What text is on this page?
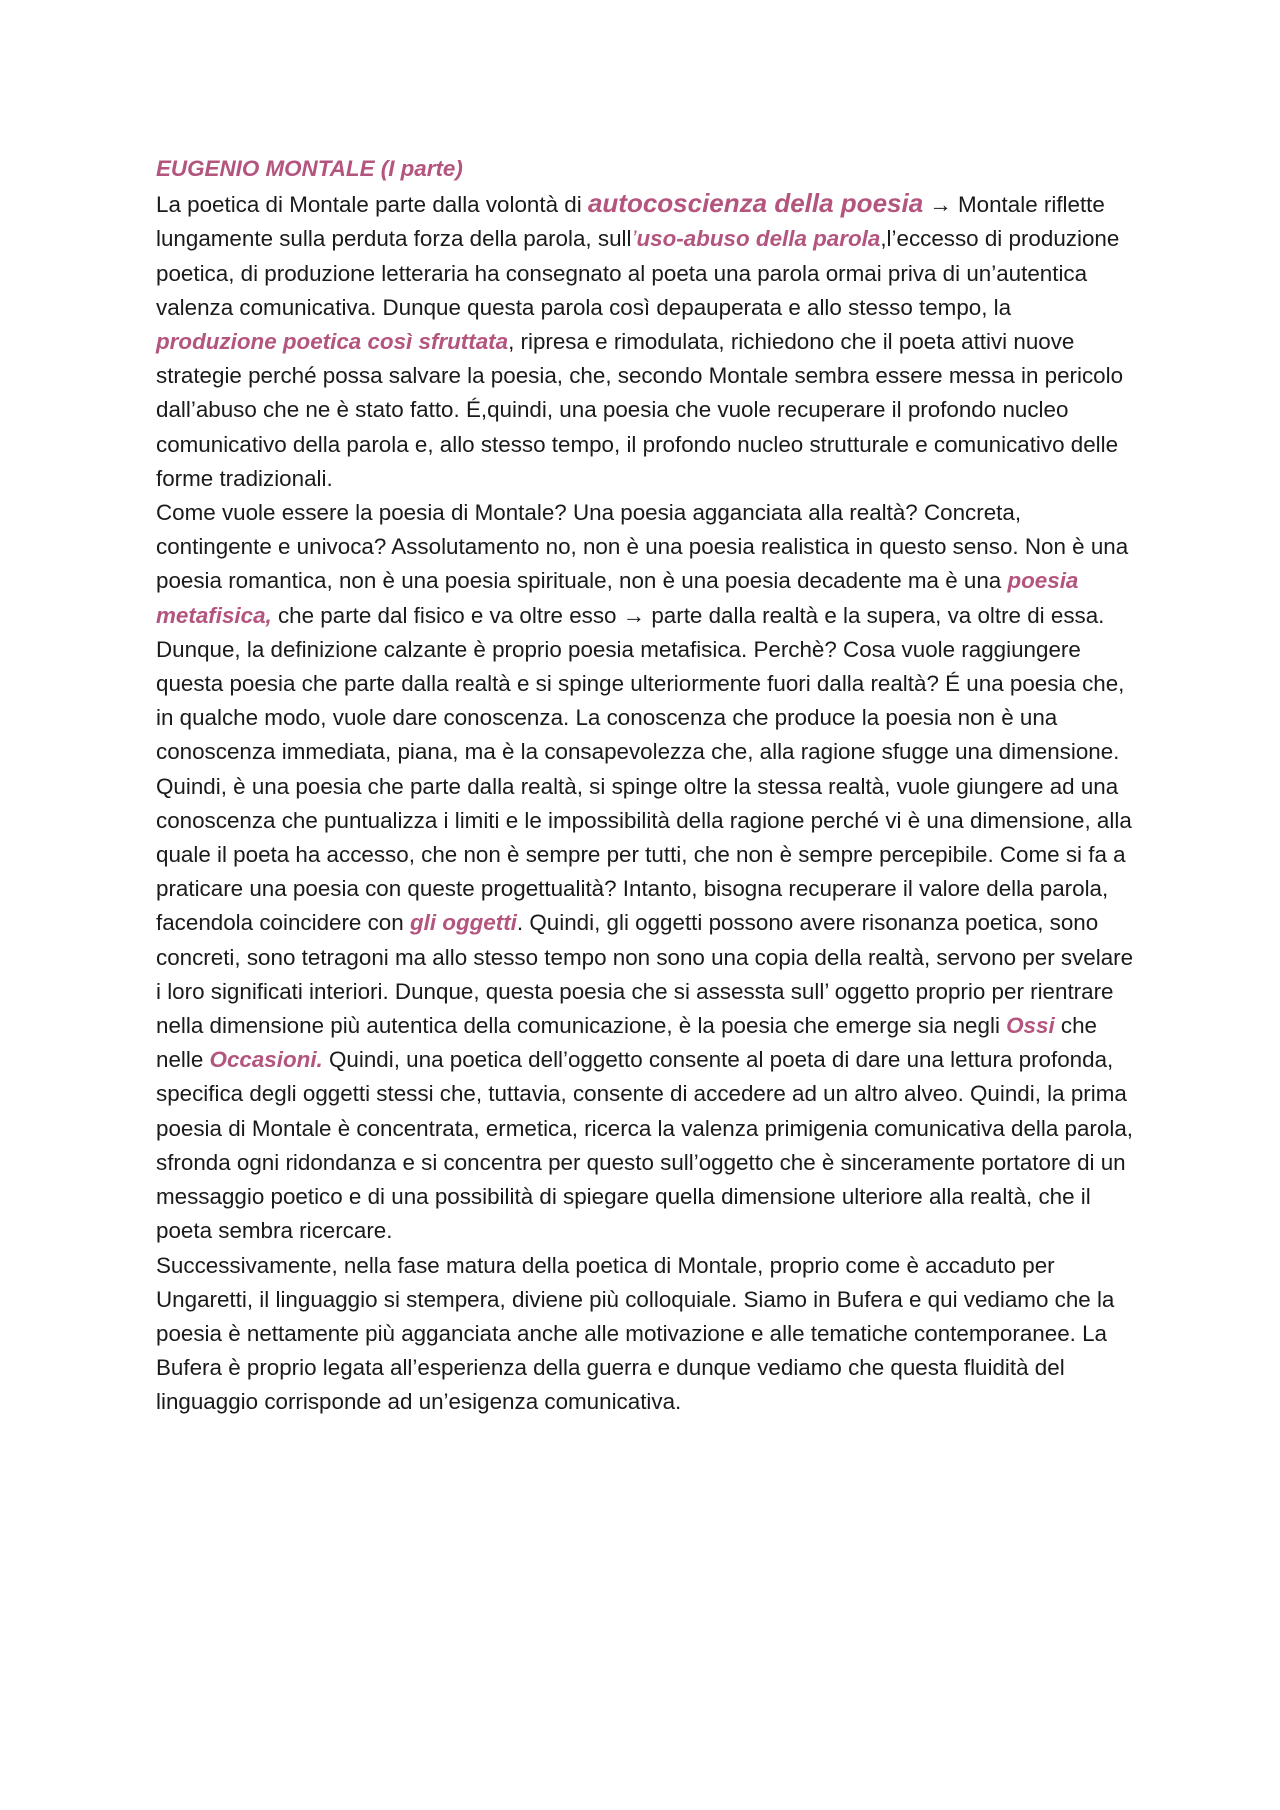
EUGENIO MONTALE (I parte)

La poetica di Montale parte dalla volontà di autocoscienza della poesia → Montale riflette lungamente sulla perduta forza della parola, sull’uso-abuso della parola,l’eccesso di produzione poetica, di produzione letteraria ha consegnato al poeta una parola ormai priva di un’autentica valenza comunicativa. Dunque questa parola così depauperata e allo stesso tempo, la produzione poetica così sfruttata, ripresa e rimodulata, richiedono che il poeta attivi nuove strategie perché possa salvare la poesia, che, secondo Montale sembra essere messa in pericolo dall’abuso che ne è stato fatto. É,quindi, una poesia che vuole recuperare il profondo nucleo comunicativo della parola e, allo stesso tempo, il profondo nucleo strutturale e comunicativo delle forme tradizionali.

Come vuole essere la poesia di Montale? Una poesia agganciata alla realtà? Concreta, contingente e univoca? Assolutamento no, non è una poesia realistica in questo senso. Non è una poesia romantica, non è una poesia spirituale, non è una poesia decadente ma è una poesia metafisica, che parte dal fisico e va oltre esso → parte dalla realtà e la supera, va oltre di essa. Dunque, la definizione calzante è proprio poesia metafisica. Perchè? Cosa vuole raggiungere questa poesia che parte dalla realtà e si spinge ulteriormente fuori dalla realtà? É una poesia che, in qualche modo, vuole dare conoscenza. La conoscenza che produce la poesia non è una conoscenza immediata, piana, ma è la consapevolezza che, alla ragione sfugge una dimensione. Quindi, è una poesia che parte dalla realtà, si spinge oltre la stessa realtà, vuole giungere ad una conoscenza che puntualizza i limiti e le impossibilità della ragione perché vi è una dimensione, alla quale il poeta ha accesso, che non è sempre per tutti, che non è sempre percepibile. Come si fa a praticare una poesia con queste progettualità? Intanto, bisogna recuperare il valore della parola, facendola coincidere con gli oggetti. Quindi, gli oggetti possono avere risonanza poetica, sono concreti, sono tetragoni ma allo stesso tempo non sono una copia della realtà, servono per svelare i loro significati interiori. Dunque, questa poesia che si assessta sull’ oggetto proprio per rientrare nella dimensione più autentica della comunicazione, è la poesia che emerge sia negli Ossi che nelle Occasioni. Quindi, una poetica dell’oggetto consente al poeta di dare una lettura profonda, specifica degli oggetti stessi che, tuttavia, consente di accedere ad un altro alveo. Quindi, la prima poesia di Montale è concentrata, ermetica, ricerca la valenza primigenia comunicativa della parola, sfronda ogni ridondanza e si concentra per questo sull’oggetto che è sinceramente portatore di un messaggio poetico e di una possibilità di spiegare quella dimensione ulteriore alla realtà, che il poeta sembra ricercare.

Successivamente, nella fase matura della poetica di Montale, proprio come è accaduto per Ungaretti, il linguaggio si stempera, diviene più colloquiale. Siamo in Bufera e qui vediamo che la poesia è nettamente più agganciata anche alle motivazione e alle tematiche contemporanee. La Bufera è proprio legata all’esperienza della guerra e dunque vediamo che questa fluidità del linguaggio corrisponde ad un’esigenza comunicativa.
